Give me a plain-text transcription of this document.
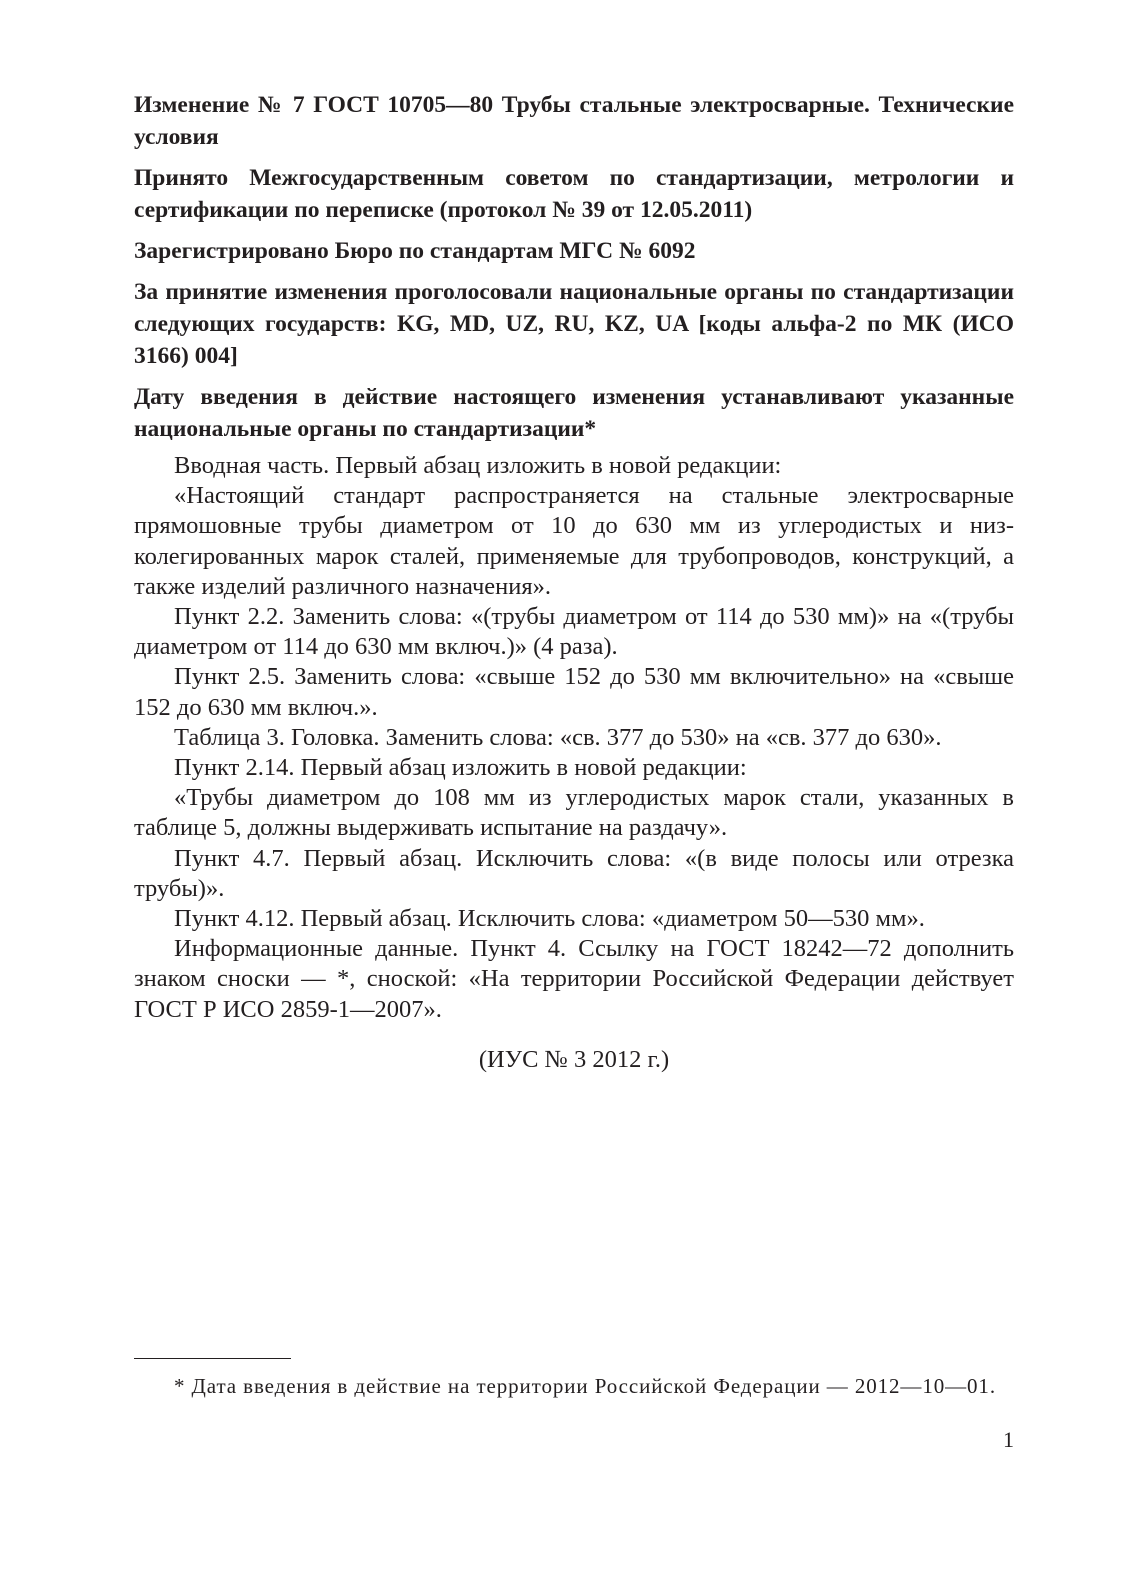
Изменение № 7 ГОСТ 10705—80 Трубы стальные электросварные. Технические условия

Принято Межгосударственным советом по стандартизации, метрологии и сертификации по переписке (протокол № 39 от 12.05.2011)

Зарегистрировано Бюро по стандартам МГС № 6092

За принятие изменения проголосовали национальные органы по стандартизации следующих государств: KG, MD, UZ, RU, KZ, UA [коды альфа-2 по МК (ИСО 3166) 004]

Дату введения в действие настоящего изменения устанавливают указанные национальные органы по стандартизации*

Вводная часть. Первый абзац изложить в новой редакции:

«Настоящий стандарт распространяется на стальные электросварные прямошовные трубы диаметром от 10 до 630 мм из углеродистых и низколегированных марок сталей, применяемые для трубопроводов, конструкций, а также изделий различного назначения».

Пункт 2.2. Заменить слова: «(трубы диаметром от 114 до 530 мм)» на «(трубы диаметром от 114 до 630 мм включ.)» (4 раза).

Пункт 2.5. Заменить слова: «свыше 152 до 530 мм включительно» на «свыше 152 до 630 мм включ.».

Таблица 3. Головка. Заменить слова: «св. 377 до 530» на «св. 377 до 630».

Пункт 2.14. Первый абзац изложить в новой редакции:

«Трубы диаметром до 108 мм из углеродистых марок стали, указанных в таблице 5, должны выдерживать испытание на раздачу».

Пункт 4.7. Первый абзац. Исключить слова: «(в виде полосы или отрезка трубы)».

Пункт 4.12. Первый абзац. Исключить слова: «диаметром 50—530 мм».

Информационные данные. Пункт 4. Ссылку на ГОСТ 18242—72 дополнить знаком сноски — *, сноской: «На территории Российской Федерации действует ГОСТ Р ИСО 2859-1—2007».

(ИУС № 3 2012 г.)

* Дата введения в действие на территории Российской Федерации — 2012—10—01.

1
